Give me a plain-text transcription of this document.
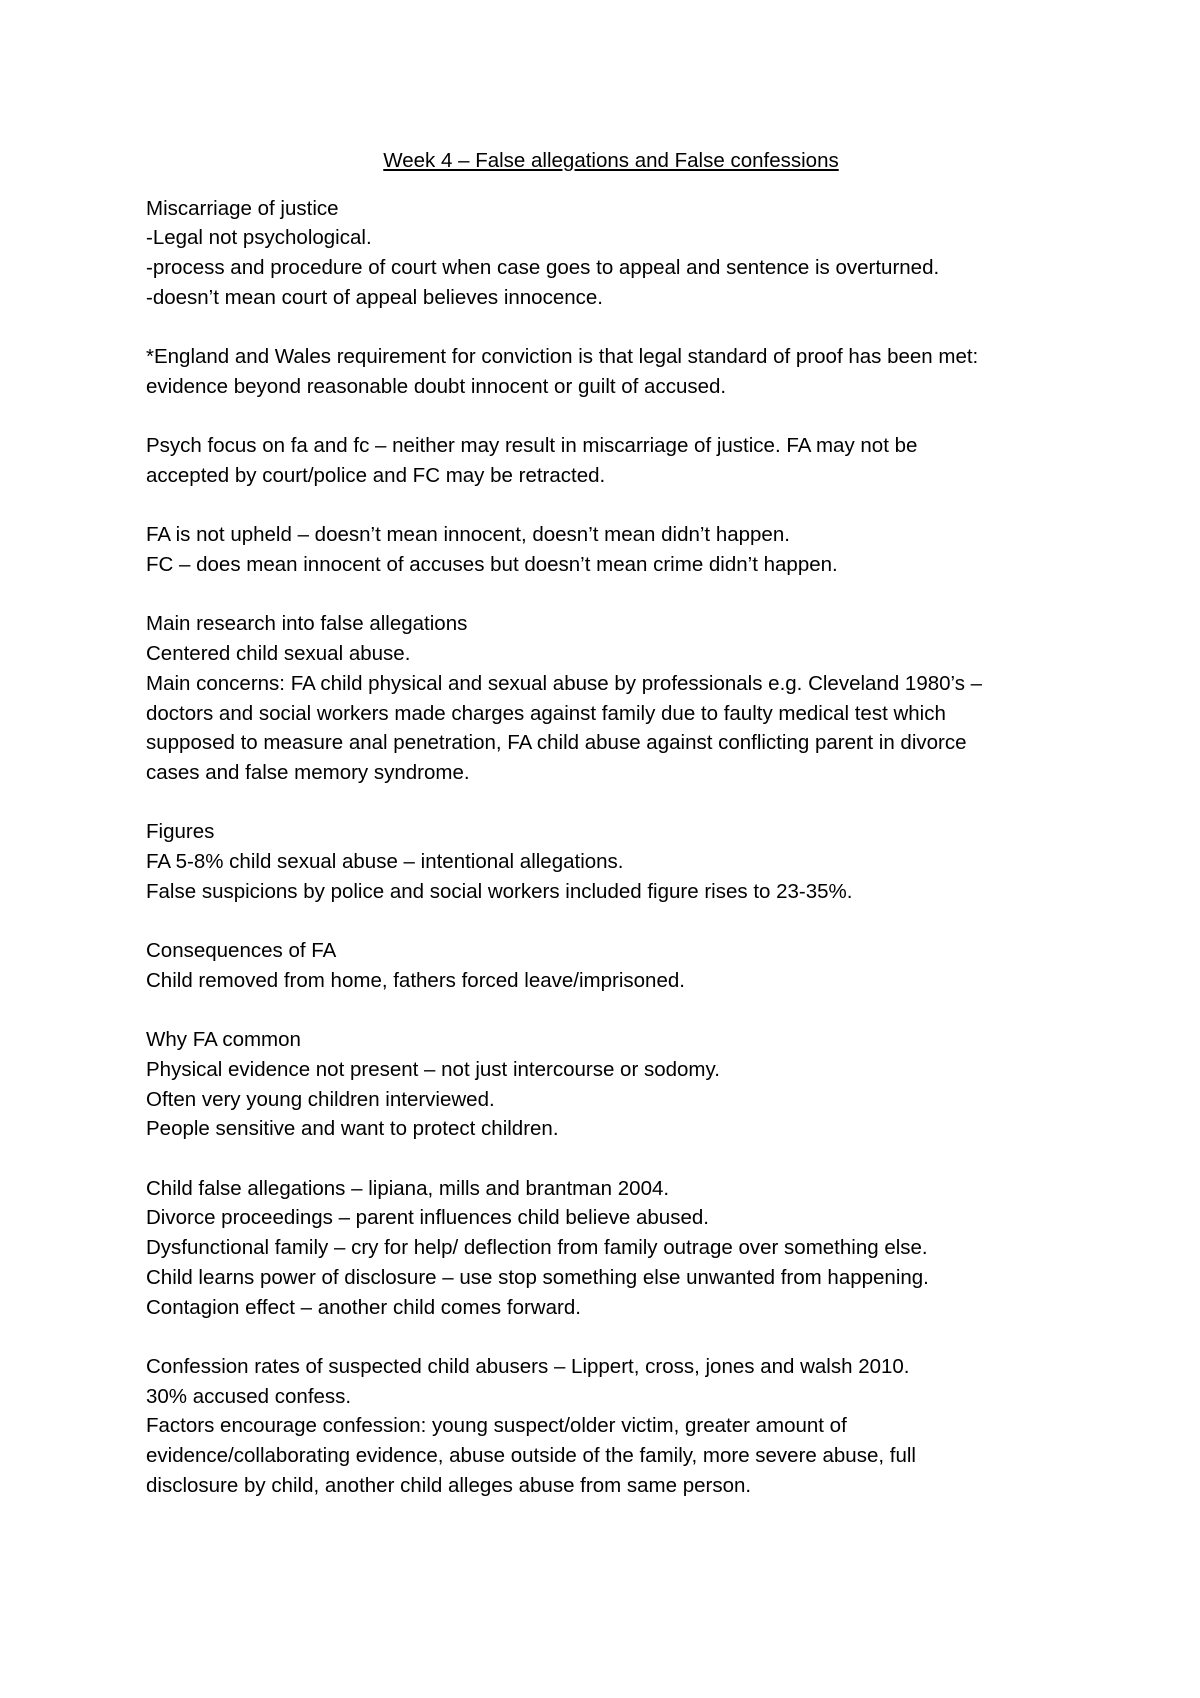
Week 4 – False allegations and False confessions
Miscarriage of justice
-Legal not psychological.
-process and procedure of court when case goes to appeal and sentence is overturned.
-doesn’t mean court of appeal believes innocence.
*England and Wales requirement for conviction is that legal standard of proof has been met:
evidence beyond reasonable doubt innocent or guilt of accused.
Psych focus on fa and fc – neither may result in miscarriage of justice. FA may not be
accepted by court/police and FC may be retracted.
FA is not upheld – doesn’t mean innocent, doesn’t mean didn’t happen.
FC – does mean innocent of accuses but doesn’t mean crime didn’t happen.
Main research into false allegations
Centered child sexual abuse.
Main concerns: FA child physical and sexual abuse by professionals e.g. Cleveland 1980’s –
doctors and social workers made charges against family due to faulty medical test which
supposed to measure anal penetration, FA child abuse against conflicting parent in divorce
cases and false memory syndrome.
Figures
FA 5-8% child sexual abuse – intentional allegations.
False suspicions by police and social workers included figure rises to 23-35%.
Consequences of FA
Child removed from home, fathers forced leave/imprisoned.
Why FA common
Physical evidence not present – not just intercourse or sodomy.
Often very young children interviewed.
People sensitive and want to protect children.
Child false allegations – lipiana, mills and brantman 2004.
Divorce proceedings – parent influences child believe abused.
Dysfunctional family – cry for help/ deflection from family outrage over something else.
Child learns power of disclosure – use stop something else unwanted from happening.
Contagion effect – another child comes forward.
Confession rates of suspected child abusers – Lippert, cross, jones and walsh 2010.
30% accused confess.
Factors encourage confession: young suspect/older victim, greater amount of
evidence/collaborating evidence, abuse outside of the family, more severe abuse, full
disclosure by child, another child alleges abuse from same person.
